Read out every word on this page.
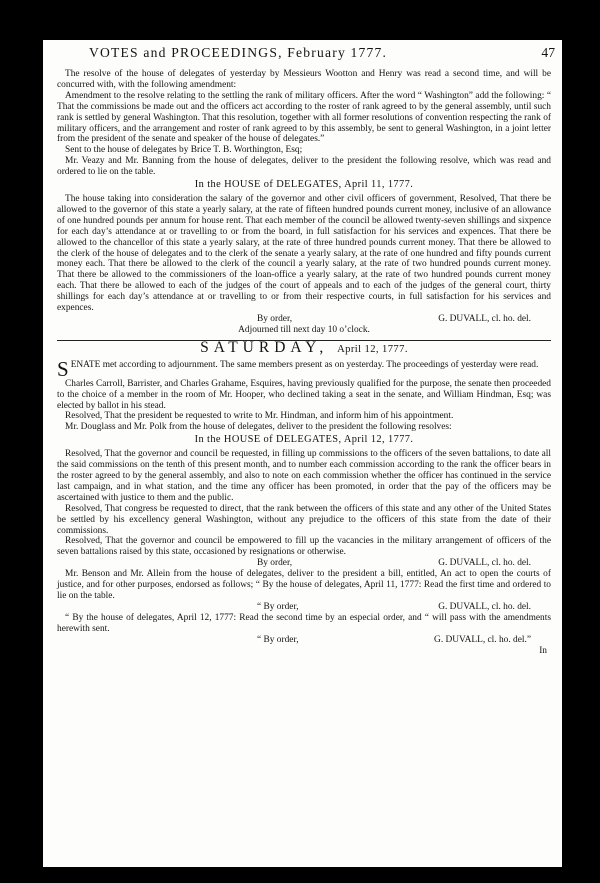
VOTES and PROCEEDINGS, February 1777.	47

The resolve of the house of delegates of yesterday by Messieurs Wootton and Henry was read a second time, and will be concurred with, with the following amendment:

Amendment to the resolve relating to the settling the rank of military officers. After the word “ Washington” add the following: “ That the commissions be made out and the officers act according to the roster of rank agreed to by the general assembly, until such rank is settled by general Washington. That this resolution, together with all former resolutions of convention respecting the rank of military officers, and the arrangement and roster of rank agreed to by this assembly, be sent to general Washington, in a joint letter from the president of the senate and speaker of the house of delegates.”

Sent to the house of delegates by Brice T. B. Worthington, Esq;

Mr. Veazy and Mr. Banning from the house of delegates, deliver to the president the following resolve, which was read and ordered to lie on the table.

In the HOUSE of DELEGATES, April 11, 1777.

The house taking into consideration the salary of the governor and other civil officers of government, Resolved, That there be allowed to the governor of this state a yearly salary, at the rate of fifteen hundred pounds current money, inclusive of an allowance of one hundred pounds per annum for house rent. That each member of the council be allowed twenty-seven shillings and sixpence for each day’s attendance at or travelling to or from the board, in full satisfaction for his services and expences. That there be allowed to the chancellor of this state a yearly salary, at the rate of three hundred pounds current money. That there be allowed to the clerk of the house of delegates and to the clerk of the senate a yearly salary, at the rate of one hundred and fifty pounds current money each. That there be allowed to the clerk of the council a yearly salary, at the rate of two hundred pounds current money. That there be allowed to the commissioners of the loan-office a yearly salary, at the rate of two hundred pounds current money each. That there be allowed to each of the judges of the court of appeals and to each of the judges of the general court, thirty shillings for each day’s attendance at or travelling to or from their respective courts, in full satisfaction for his services and expences.

By order,	G. DUVALL, cl. ho. del.
Adjourned till next day 10 o’clock.
SATURDAY, April 12, 1777.

SENATE met according to adjournment. The same members present as on yesterday. The proceedings of yesterday were read.

Charles Carroll, Barrister, and Charles Grahame, Esquires, having previously qualified for the purpose, the senate then proceeded to the choice of a member in the room of Mr. Hooper, who declined taking a seat in the senate, and William Hindman, Esq; was elected by ballot in his stead.

Resolved, That the president be requested to write to Mr. Hindman, and inform him of his appointment.

Mr. Douglass and Mr. Polk from the house of delegates, deliver to the president the following resolves:

In the HOUSE of DELEGATES, April 12, 1777.

Resolved, That the governor and council be requested, in filling up commissions to the officers of the seven battalions, to date all the said commissions on the tenth of this present month, and to number each commission according to the rank the officer bears in the roster agreed to by the general assembly, and also to note on each commission whether the officer has continued in the service last campaign, and in what station, and the time any officer has been promoted, in order that the pay of the officers may be ascertained with justice to them and the public.

Resolved, That congress be requested to direct, that the rank between the officers of this state and any other of the United States be settled by his excellency general Washington, without any prejudice to the officers of this state from the date of their commissions.

Resolved, That the governor and council be empowered to fill up the vacancies in the military arrangement of officers of the seven battalions raised by this state, occasioned by resignations or otherwise.

By order,	G. DUVALL, cl. ho. del.

Mr. Benson and Mr. Allein from the house of delegates, deliver to the president a bill, entitled, An act to open the courts of justice, and for other purposes, endorsed as follows; “ By the house of delegates, April 11, 1777: Read the first time and ordered to lie on the table.

“ By order,	G. DUVALL, cl. ho. del.

“ By the house of delegates, April 12, 1777: Read the second time by an especial order, and “ will pass with the amendments herewith sent.

“ By order,	G. DUVALL, cl. ho. del.”
In
